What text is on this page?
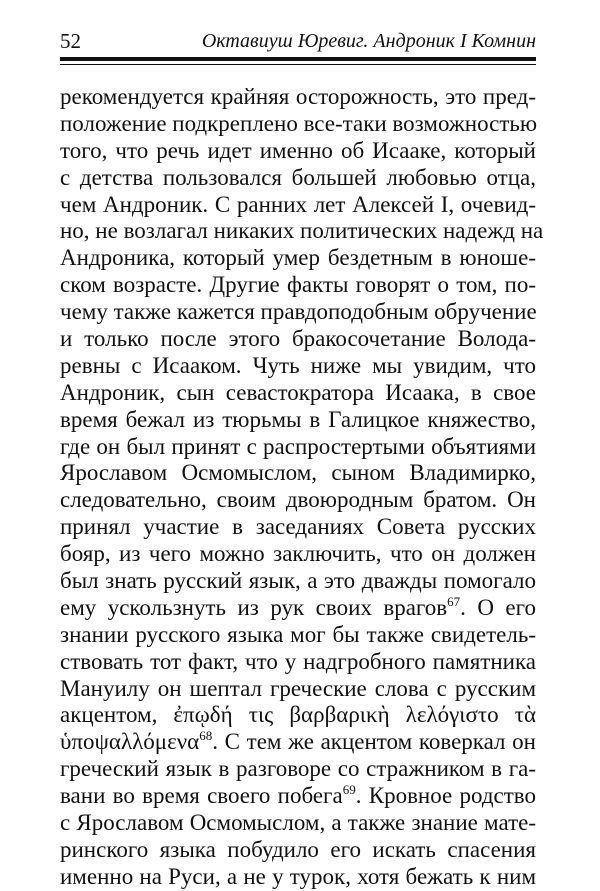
52	Октавиуш Юревиг. Андроник I Комнин
рекомендуется крайняя осторожность, это пред-
положение подкреплено все-таки возможностью
того, что речь идет именно об Исааке, который
с детства пользовался большей любовью отца,
чем Андроник. С ранних лет Алексей I, очевид-
но, не возлагал никаких политических надежд на
Андроника, который умер бездетным в юноше-
ском возрасте. Другие факты говорят о том, по-
чему также кажется правдоподобным обручение
и только после этого бракосочетание Володa-
ревны с Исааком. Чуть ниже мы увидим, что
Андроник, сын севастократора Исаака, в свое
время бежал из тюрьмы в Галицкое княжество,
где он был принят с распростертыми объятиями
Ярославом Осмомыслом, сыном Владимирко,
следовательно, своим двоюродным братом. Он
принял участие в заседаниях Совета русских
бояр, из чего можно заключить, что он должен
был знать русский язык, а это дважды помогало
ему ускользнуть из рук своих врагов$^{67}$. О его
знании русского языка мог бы также свидетель-
ствовать тот факт, что у надгробного памятника
Мануилу он шептал греческие слова с русским
акцентом, ἐπῳδή τις βαρβαρικὴ λελόγιστο τὰ
ὑποψαλλόμενα$^{68}$. С тем же акцентом коверкал он
греческий язык в разговоре со стражником в га-
вани во время своего побега$^{69}$. Кровное родство
с Ярославом Осмомыслом, а также знание мате-
ринского языка побудило его искать спасения
именно на Руси, а не у турок, хотя бежать к ним
